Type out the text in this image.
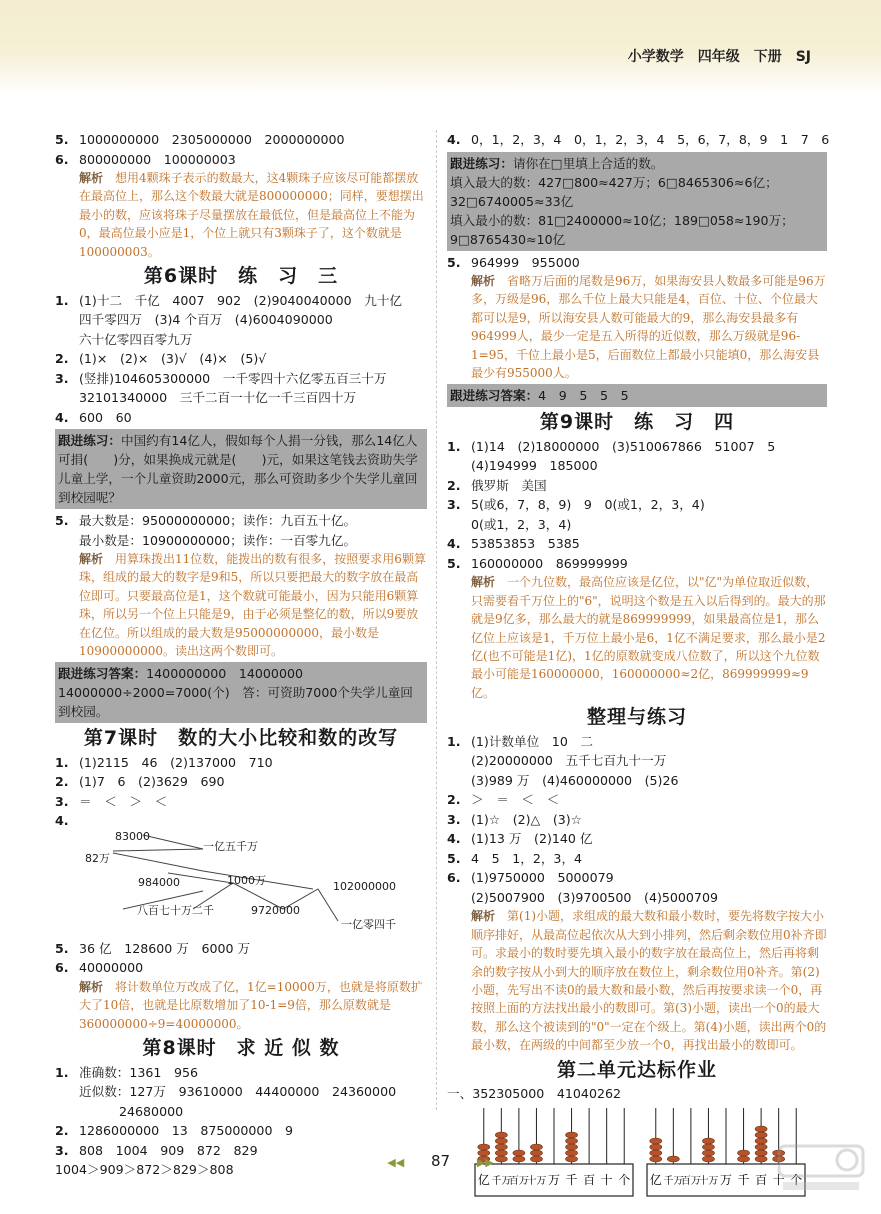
小学数学　四年级　下册　SJ
5. 1000000000　2305000000　2000000000
6. 800000000　100000003
解析　 想用4颗珠子表示的数最大，这4颗珠子应该尽可能都摆放在最高位上，那么这个数最大就是800000000；同样，要想摆出最小的数，应该将珠子尽量摆放在最低位，但是最高位上不能为0，最高位最小应是1，个位上就只有3颗珠子了，这个数就是100000003。
第6课时　练　习　三
1. (1)十二　千亿　4007　902　(2)9040040000　九十亿
四千零四万　(3)4 个百万　(4)6004090000
六十亿零四百零九万
2. (1)×　(2)×　(3)√　(4)×　(5)√
3. (竖排)104605300000　一千零四十六亿零五百三十万
32101340000　三千二百一十亿一千三百四十万
4. 600　60
跟进练习：中国约有14亿人，假如每个人捐一分钱，那么14亿人可捐(　　)分，如果换成元就是(　　)元，如果这笔钱去资助失学儿童上学，一个儿童资助2000元，那么可资助多少个失学儿童回到校园呢？
5. 最大数是：95000000000；读作：九百五十亿。
最小数是：10900000000；读作：一百零九亿。
解析　 用算珠拨出11位数，能拨出的数有很多，按照要求用6颗算珠，组成的最大的数字是9和5，所以只要把最大的数字放在最高位即可。只要最高位是1，这个数就可能最小，因为只能用6颗算珠，所以另一个位上只能是9，由于必须是整亿的数，所以9要放在亿位。所以组成的最大数是95000000000，最小数是10900000000。读出这两个数即可。
跟进练习答案：1400000000　14000000　14000000÷2000=7000(个)　答：可资助7000个失学儿童回到校园。
第7课时　数的大小比较和数的改写
1. (1)2115　46　(2)137000　710
2. (1)7　6　(2)3629　690
3. ＝　＜　＞　＜
4.
83000
一亿五千万
82万
984000	1000万	102000000
八百七十万二千	9720000
一亿零四千
5. 36 亿　128600 万　6000 万
6. 40000000
解析　 将计数单位万改成了亿，1亿=10000万，也就是将原数扩大了10倍，也就是比原数增加了10-1=9倍，那么原数就是360000000÷9=40000000。
第8课时　求 近 似 数
1. 准确数：1361　956
近似数：127万　93610000　44400000　24360000
24680000
2. 1286000000　13　875000000　9
3. 808　1004　909　872　829
1004＞909＞872＞829＞808
4. 0，1，2，3，4　0，1，2，3，4　5，6，7，8，9　1　7　6
跟进练习：请你在□里填上合适的数。
填入最大的数：427□800≈427万；6□8465306≈6亿；
32□6740005≈33亿
填入最小的数：81□2400000≈10亿；189□058≈190万；
9□8765430≈10亿
5. 964999　955000
解析　 省略万后面的尾数是96万，如果海安县人数最多可能是96万多，万级是96，那么千位上最大只能是4，百位、十位、个位最大都可以是9，所以海安县人数可能最大的9，那么海安县最多有964999人，最少一定是五入所得的近似数，那么万级就是96-1=95，千位上最小是5，后面数位上都最小只能填0，那么海安县最少有955000人。
跟进练习答案：4　9　5　5　5
第9课时　练　习　四
1. (1)14　(2)18000000　(3)510067866　51007　5
(4)194999　185000
2. 俄罗斯　美国
3. 5(或6，7，8，9)　9　0(或1，2，3，4)
0(或1，2，3，4)
4. 53853853　5385
5. 160000000　869999999
解析　 一个九位数，最高位应该是亿位，以"亿"为单位取近似数，只需要看千万位上的"6"，说明这个数是五入以后得到的。最大的那就是9亿多，那么最大的就是869999999，如果最高位是1，那么亿位上应该是1，千万位上最小是6，1亿不满足要求，那么最小是2亿(也不可能是1亿)，1亿的原数就变成八位数了，所以这个九位数最小可能是160000000，160000000≈2亿，869999999≈9亿。
整理与练习
1. (1)计数单位　10　二
(2)20000000　五千七百九十一万
(3)989 万　(4)460000000　(5)26
2. ＞　＝　＜　＜
3. (1)☆　(2)△　(3)☆
4. (1)13 万　(2)140 亿
5. 4　5　1，2，3，4
6. (1)9750000　5000079
(2)5007900　(3)9700500　(4)5000709
解析　 第(1)小题，求组成的最大数和最小数时，要先将数字按大小顺序排好，从最高位起依次从大到小排列，然后剩余数位用0补齐即可。求最小的数时要先填入最小的数字放在最高位上，然后再将剩余的数字按从小到大的顺序放在数位上，剩余数位用0补齐。第(2)小题，先写出不读0的最大数和最小数，然后再按要求读一个0，再按照上面的方法找出最小的数即可。第(3)小题，读出一个0的最大数，那么这个被读到的"0"一定在个级上。第(4)小题，读出两个0的最小数，在两级的中间都至少放一个0，再找出最小的数即可。
第二单元达标作业
一、352305000　41040262
亿 千万
百万
十万 万 千 百 十 个 亿 千万
百万
十万 万 千 百 十 个
◀◀ 87 ▶▶
